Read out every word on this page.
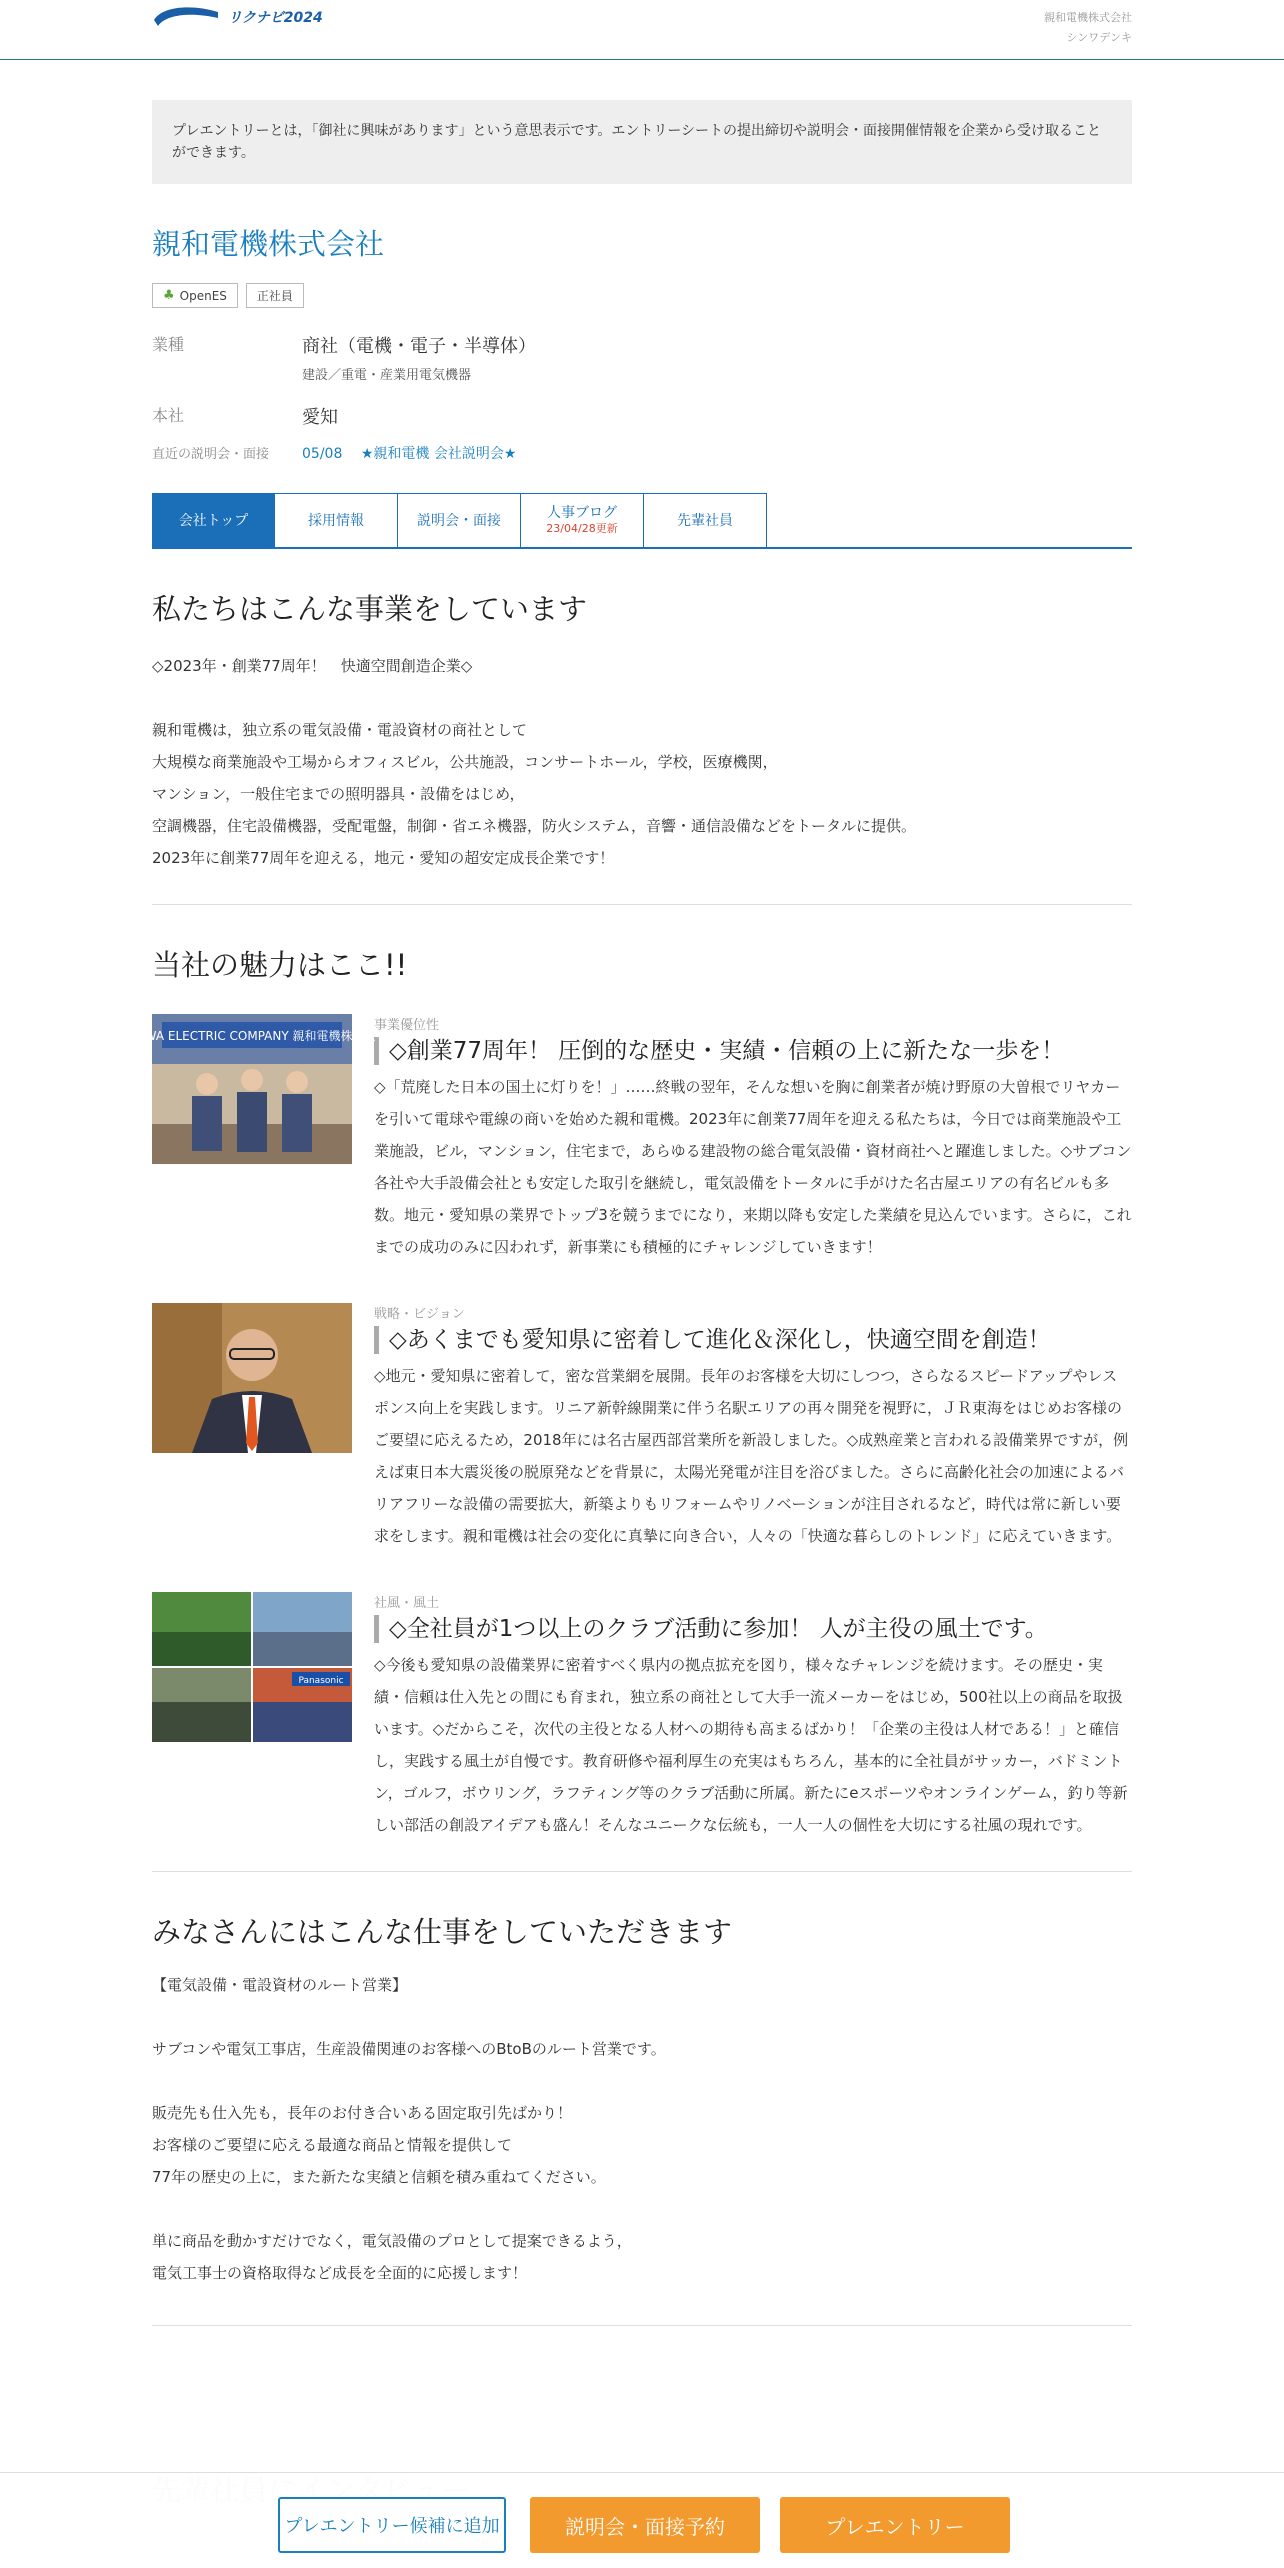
リクナビ2024	親和電機株式会社
シンワデンキ
プレエントリーとは，「御社に興味があります」という意思表示です。エントリーシートの提出締切や説明会・面接開催情報を企業から受け取ることができます。
親和電機株式会社
♣ OpenES	正社員
業種	商社（電機・電子・半導体）
建設／重電・産業用電気機器
本社	愛知
直近の説明会・面接	05/08 ★親和電機 会社説明会★
会社トップ	採用情報	説明会・面接	人事ブログ
23/04/28更新	先輩社員
私たちはこんな事業をしています
◇2023年・創業77周年！　快適空間創造企業◇

親和電機は，独立系の電気設備・電設資材の商社として
大規模な商業施設や工場からオフィスビル，公共施設，コンサートホール，学校，医療機関，
マンション，一般住宅までの照明器具・設備をはじめ，
空調機器，住宅設備機器，受配電盤，制御・省エネ機器，防火システム，音響・通信設備などをトータルに提供。
2023年に創業77周年を迎える，地元・愛知の超安定成長企業です！
当社の魅力はここ!!
SHINWA ELECTRIC COMPANY 親和電機株式会社
事業優位性
◇創業77周年！ 圧倒的な歴史・実績・信頼の上に新たな一歩を！
◇「荒廃した日本の国土に灯りを！」……終戦の翌年，そんな想いを胸に創業者が焼け野原の大曽根でリヤカーを引いて電球や電線の商いを始めた親和電機。2023年に創業77周年を迎える私たちは，今日では商業施設や工業施設，ビル，マンション，住宅まで，あらゆる建設物の総合電気設備・資材商社へと躍進しました。◇サブコン各社や大手設備会社とも安定した取引を継続し，電気設備をトータルに手がけた名古屋エリアの有名ビルも多数。地元・愛知県の業界でトップ3を競うまでになり，来期以降も安定した業績を見込んでいます。さらに，これまでの成功のみに囚われず，新事業にも積極的にチャレンジしていきます！
戦略・ビジョン
◇あくまでも愛知県に密着して進化＆深化し，快適空間を創造！
◇地元・愛知県に密着して，密な営業網を展開。長年のお客様を大切にしつつ，さらなるスピードアップやレスポンス向上を実践します。リニア新幹線開業に伴う名駅エリアの再々開発を視野に，ＪＲ東海をはじめお客様のご要望に応えるため，2018年には名古屋西部営業所を新設しました。◇成熟産業と言われる設備業界ですが，例えば東日本大震災後の脱原発などを背景に，太陽光発電が注目を浴びました。さらに高齢化社会の加速によるバリアフリーな設備の需要拡大，新築よりもリフォームやリノベーションが注目されるなど，時代は常に新しい要求をします。親和電機は社会の変化に真摯に向き合い，人々の「快適な暮らしのトレンド」に応えていきます。
Panasonic
社風・風土
◇全社員が1つ以上のクラブ活動に参加！ 人が主役の風土です。
◇今後も愛知県の設備業界に密着すべく県内の拠点拡充を図り，様々なチャレンジを続けます。その歴史・実績・信頼は仕入先との間にも育まれ，独立系の商社として大手一流メーカーをはじめ，500社以上の商品を取扱います。◇だからこそ，次代の主役となる人材への期待も高まるばかり！「企業の主役は人材である！」と確信し，実践する風土が自慢です。教育研修や福利厚生の充実はもちろん，基本的に全社員がサッカー，バドミントン，ゴルフ，ボウリング，ラフティング等のクラブ活動に所属。新たにeスポーツやオンラインゲーム，釣り等新しい部活の創設アイデアも盛ん！そんなユニークな伝統も，一人一人の個性を大切にする社風の現れです。
みなさんにはこんな仕事をしていただきます
【電気設備・電設資材のルート営業】

サブコンや電気工事店，生産設備関連のお客様へのBtoBのルート営業です。

販売先も仕入先も，長年のお付き合いある固定取引先ばかり！
お客様のご要望に応える最適な商品と情報を提供して
77年の歴史の上に，また新たな実績と信頼を積み重ねてください。

単に商品を動かすだけでなく，電気設備のプロとして提案できるよう，
電気工事士の資格取得など成長を全面的に応援します！
プレエントリー候補に追加	説明会・面接予約	プレエントリー
